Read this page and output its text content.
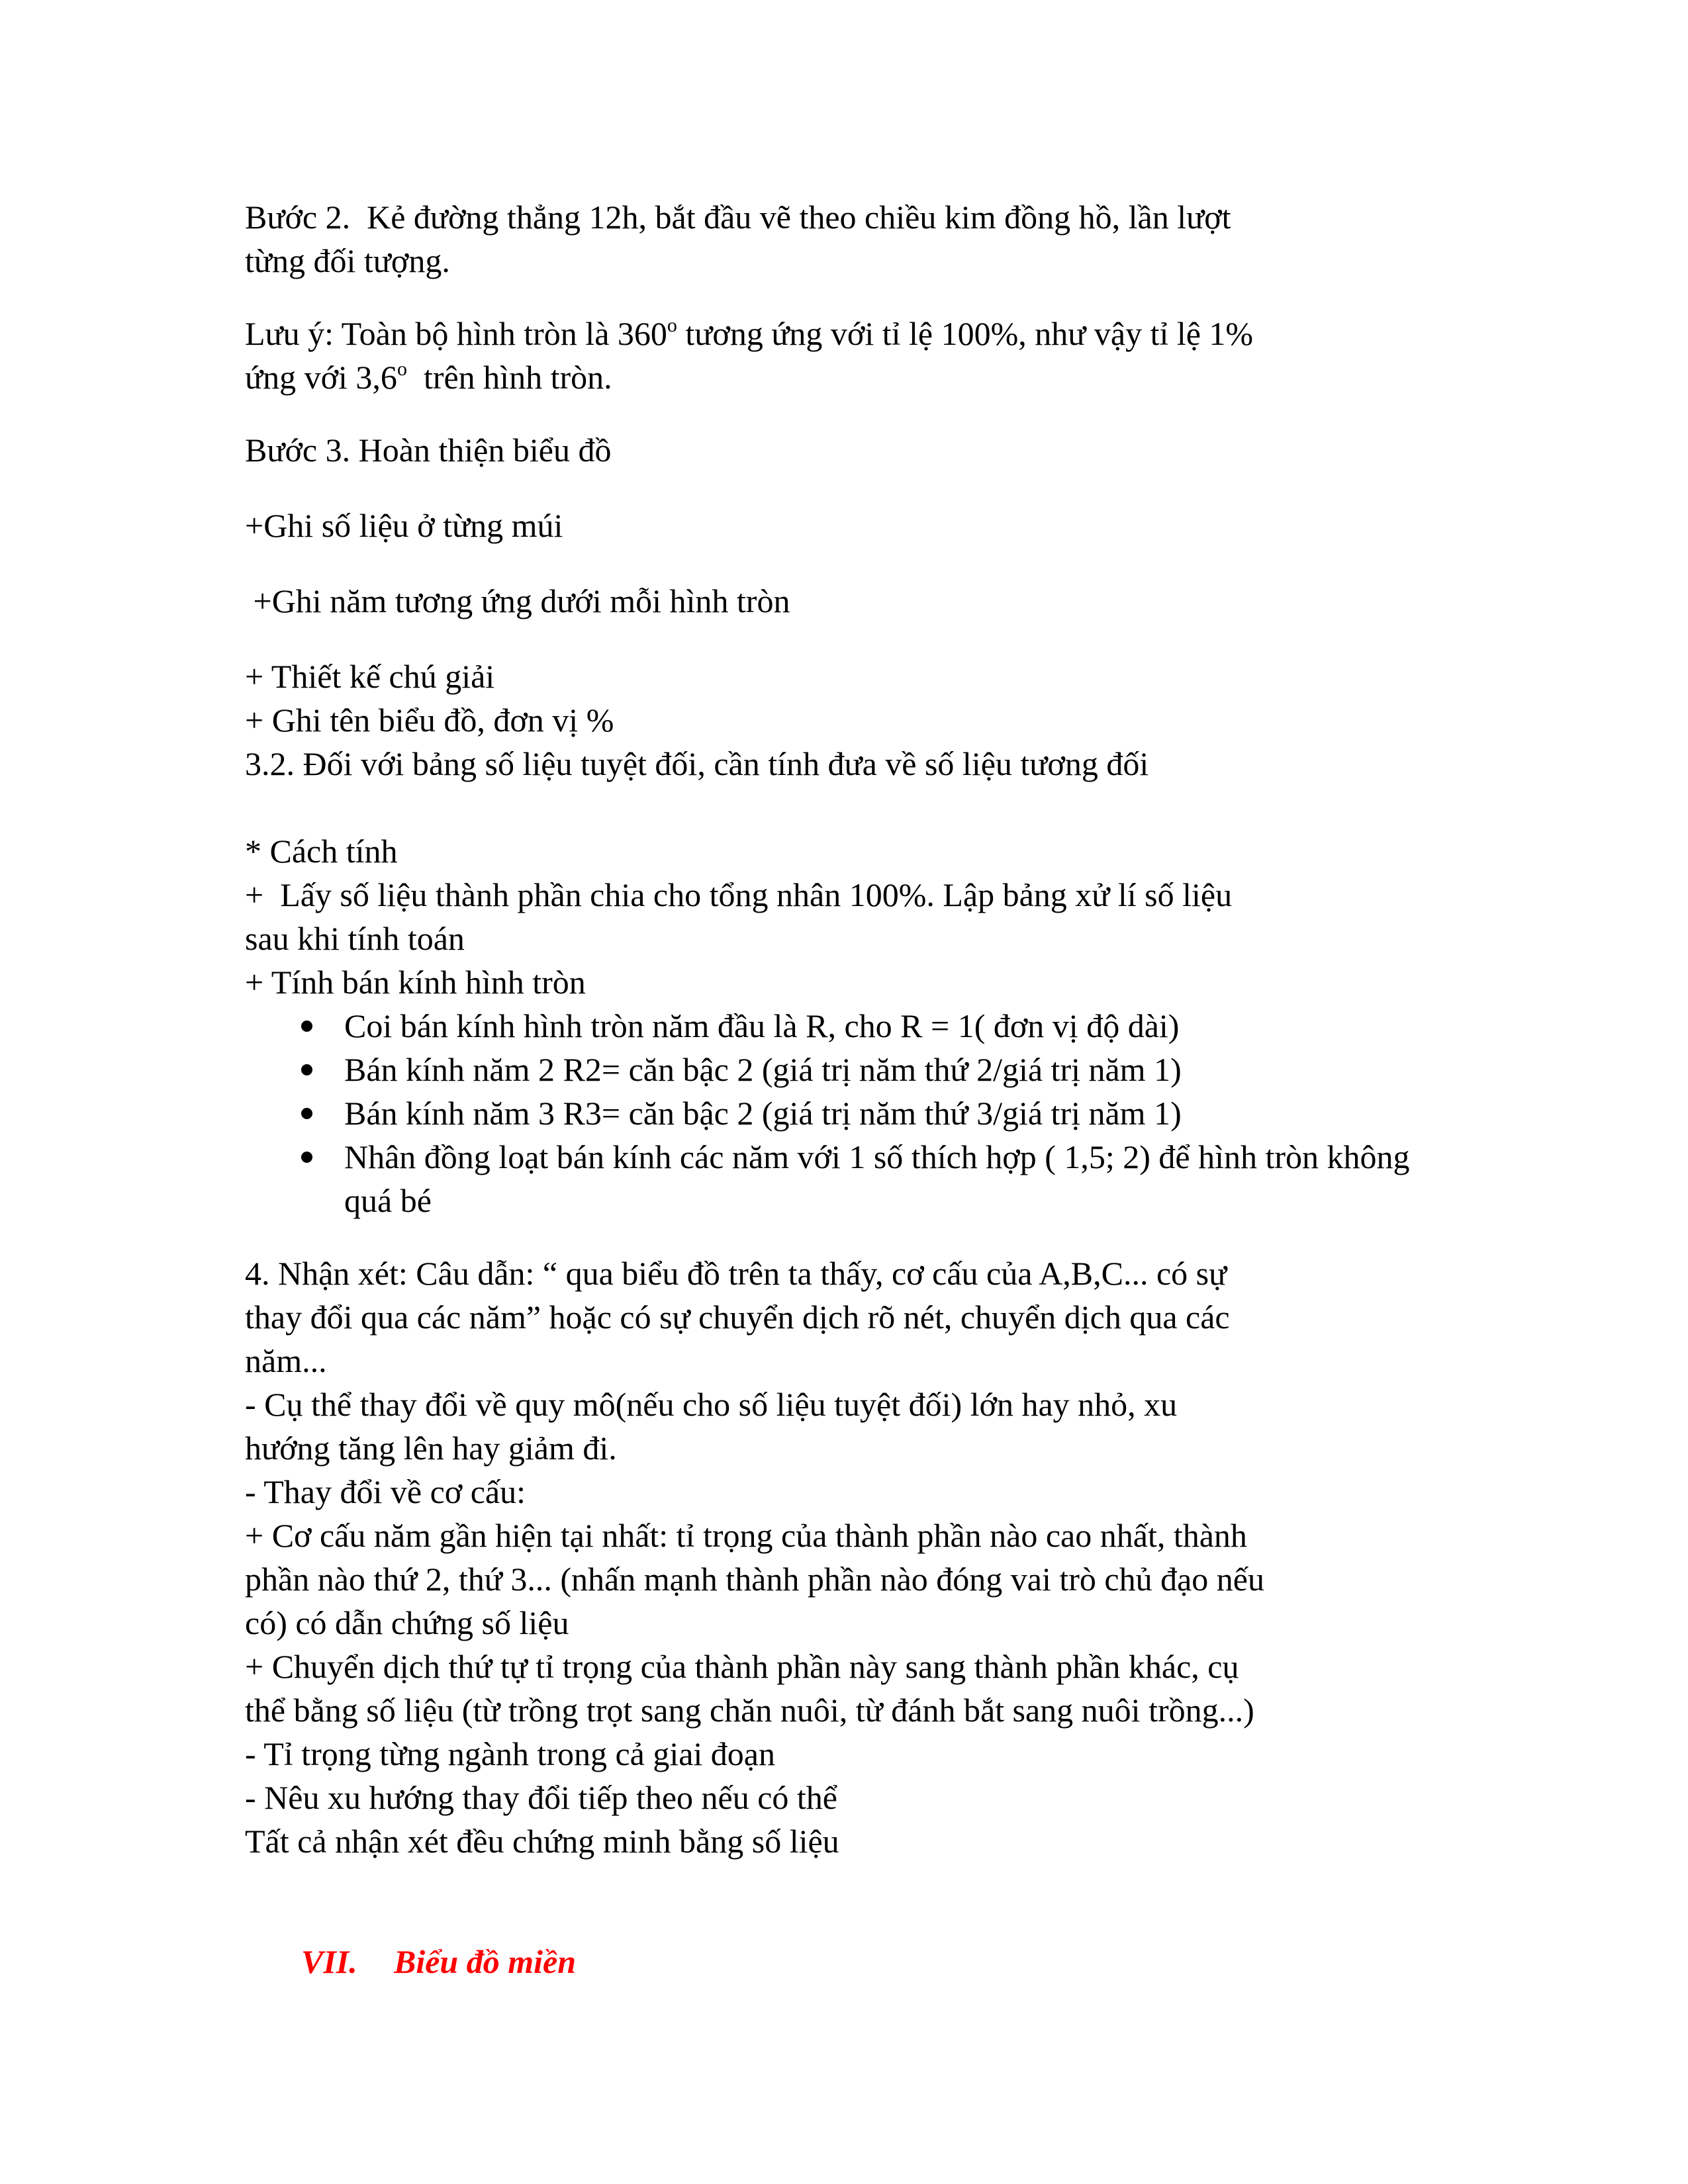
Bước 2.  Kẻ đường thẳng 12h, bắt đầu vẽ theo chiều kim đồng hồ, lần lượt

từng đối tượng.

Lưu ý: Toàn bộ hình tròn là 360$^o$ tương ứng với tỉ lệ 100%, như vậy tỉ lệ 1%

ứng với 3,6$^o$  trên hình tròn.

Bước 3. Hoàn thiện biểu đồ

+Ghi số liệu ở từng múi

+Ghi năm tương ứng dưới mỗi hình tròn

+ Thiết kế chú giải

+ Ghi tên biểu đồ, đơn vị %

3.2. Đối với bảng số liệu tuyệt đối, cần tính đưa về số liệu tương đối

* Cách tính

+  Lấy số liệu thành phần chia cho tổng nhân 100%. Lập bảng xử lí số liệu

sau khi tính toán

+ Tính bán kính hình tròn

Coi bán kính hình tròn năm đầu là R, cho R = 1( đơn vị độ dài)
Bán kính năm 2 R2= căn bậc 2 (giá trị năm thứ 2/giá trị năm 1)
Bán kính năm 3 R3= căn bậc 2 (giá trị năm thứ 3/giá trị năm 1)
Nhân đồng loạt bán kính các năm với 1 số thích hợp ( 1,5; 2) để hình tròn không quá bé

4. Nhận xét: Câu dẫn: “ qua biểu đồ trên ta thấy, cơ cấu của A,B,C... có sự

thay đổi qua các năm” hoặc có sự chuyển dịch rõ nét, chuyển dịch qua các

năm...

- Cụ thể thay đổi về quy mô(nếu cho số liệu tuyệt đối) lớn hay nhỏ, xu

hướng tăng lên hay giảm đi.

- Thay đổi về cơ cấu:

+ Cơ cấu năm gần hiện tại nhất: tỉ trọng của thành phần nào cao nhất, thành

phần nào thứ 2, thứ 3... (nhấn mạnh thành phần nào đóng vai trò chủ đạo nếu

có) có dẫn chứng số liệu

+ Chuyển dịch thứ tự tỉ trọng của thành phần này sang thành phần khác, cụ

thể bằng số liệu (từ trồng trọt sang chăn nuôi, từ đánh bắt sang nuôi trồng...)

- Tỉ trọng từng ngành trong cả giai đoạn

- Nêu xu hướng thay đổi tiếp theo nếu có thể

Tất cả nhận xét đều chứng minh bằng số liệu

VII. Biểu đồ miền
